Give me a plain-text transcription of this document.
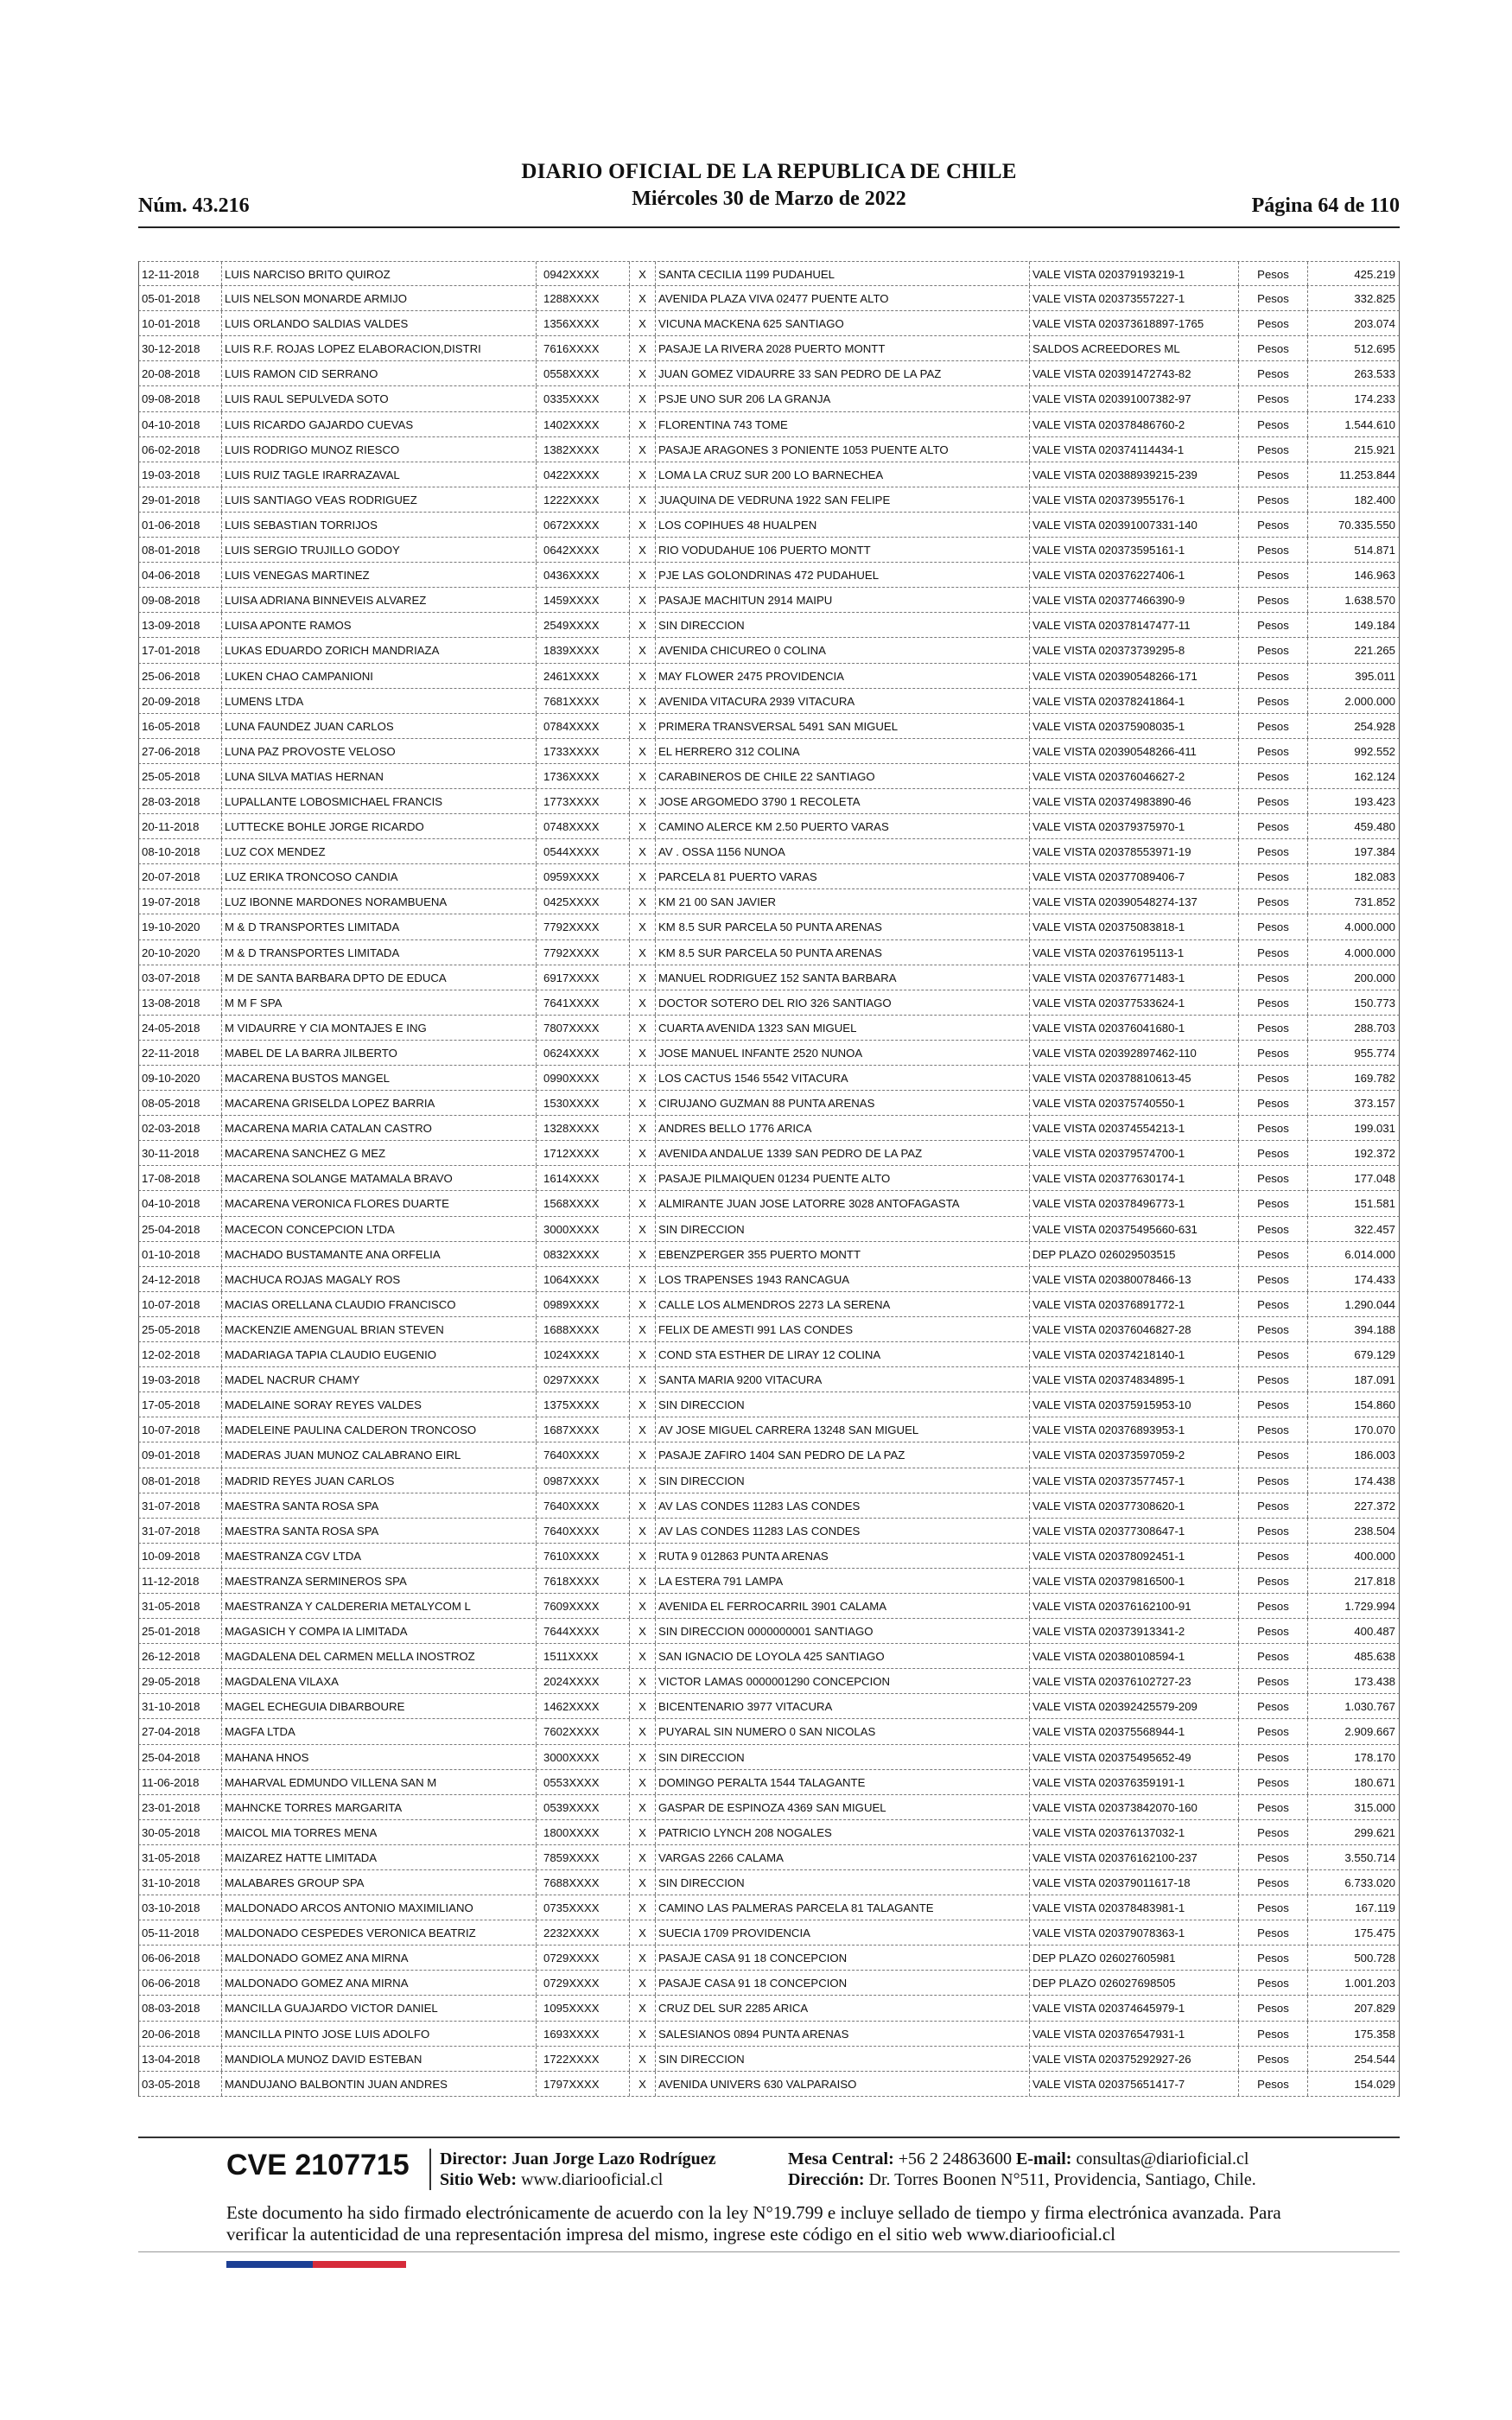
Núm. 43.216
DIARIO OFICIAL DE LA REPUBLICA DE CHILE
Miércoles 30 de Marzo de 2022	Página 64 de 110
12-11-2018	LUIS NARCISO BRITO QUIROZ	0942XXXX	X	SANTA CECILIA 1199 PUDAHUEL	VALE VISTA 020379193219-1	Pesos	425.219
05-01-2018	LUIS NELSON MONARDE ARMIJO	1288XXXX	X	AVENIDA PLAZA VIVA 02477 PUENTE ALTO	VALE VISTA 020373557227-1	Pesos	332.825
10-01-2018	LUIS ORLANDO SALDIAS VALDES	1356XXXX	X	VICUNA MACKENA 625 SANTIAGO	VALE VISTA 020373618897-1765	Pesos	203.074
30-12-2018	LUIS R.F. ROJAS LOPEZ ELABORACION,DISTRI	7616XXXX	X	PASAJE LA RIVERA 2028 PUERTO MONTT	SALDOS ACREEDORES ML	Pesos	512.695
20-08-2018	LUIS RAMON CID SERRANO	0558XXXX	X	JUAN GOMEZ VIDAURRE 33 SAN PEDRO DE LA PAZ	VALE VISTA 020391472743-82	Pesos	263.533
09-08-2018	LUIS RAUL SEPULVEDA SOTO	0335XXXX	X	PSJE UNO SUR 206 LA GRANJA	VALE VISTA 020391007382-97	Pesos	174.233
04-10-2018	LUIS RICARDO GAJARDO CUEVAS	1402XXXX	X	FLORENTINA 743 TOME	VALE VISTA 020378486760-2	Pesos	1.544.610
06-02-2018	LUIS RODRIGO MUNOZ RIESCO	1382XXXX	X	PASAJE ARAGONES 3 PONIENTE 1053 PUENTE ALTO	VALE VISTA 020374114434-1	Pesos	215.921
19-03-2018	LUIS RUIZ TAGLE IRARRAZAVAL	0422XXXX	X	LOMA LA CRUZ SUR 200 LO BARNECHEA	VALE VISTA 020388939215-239	Pesos	11.253.844
29-01-2018	LUIS SANTIAGO VEAS RODRIGUEZ	1222XXXX	X	JUAQUINA DE VEDRUNA 1922 SAN FELIPE	VALE VISTA 020373955176-1	Pesos	182.400
01-06-2018	LUIS SEBASTIAN TORRIJOS	0672XXXX	X	LOS COPIHUES 48 HUALPEN	VALE VISTA 020391007331-140	Pesos	70.335.550
08-01-2018	LUIS SERGIO TRUJILLO GODOY	0642XXXX	X	RIO VODUDAHUE 106 PUERTO MONTT	VALE VISTA 020373595161-1	Pesos	514.871
04-06-2018	LUIS VENEGAS MARTINEZ	0436XXXX	X	PJE LAS GOLONDRINAS 472 PUDAHUEL	VALE VISTA 020376227406-1	Pesos	146.963
09-08-2018	LUISA ADRIANA BINNEVEIS ALVAREZ	1459XXXX	X	PASAJE MACHITUN 2914 MAIPU	VALE VISTA 020377466390-9	Pesos	1.638.570
13-09-2018	LUISA APONTE RAMOS	2549XXXX	X	SIN DIRECCION	VALE VISTA 020378147477-11	Pesos	149.184
17-01-2018	LUKAS EDUARDO ZORICH MANDRIAZA	1839XXXX	X	AVENIDA CHICUREO 0 COLINA	VALE VISTA 020373739295-8	Pesos	221.265
25-06-2018	LUKEN CHAO CAMPANIONI	2461XXXX	X	MAY FLOWER 2475 PROVIDENCIA	VALE VISTA 020390548266-171	Pesos	395.011
20-09-2018	LUMENS LTDA	7681XXXX	X	AVENIDA VITACURA 2939 VITACURA	VALE VISTA 020378241864-1	Pesos	2.000.000
16-05-2018	LUNA FAUNDEZ JUAN CARLOS	0784XXXX	X	PRIMERA TRANSVERSAL 5491 SAN MIGUEL	VALE VISTA 020375908035-1	Pesos	254.928
27-06-2018	LUNA PAZ PROVOSTE VELOSO	1733XXXX	X	EL HERRERO 312 COLINA	VALE VISTA 020390548266-411	Pesos	992.552
25-05-2018	LUNA SILVA MATIAS HERNAN	1736XXXX	X	CARABINEROS DE CHILE 22 SANTIAGO	VALE VISTA 020376046627-2	Pesos	162.124
28-03-2018	LUPALLANTE LOBOSMICHAEL FRANCIS	1773XXXX	X	JOSE ARGOMEDO 3790 1 RECOLETA	VALE VISTA 020374983890-46	Pesos	193.423
20-11-2018	LUTTECKE BOHLE JORGE RICARDO	0748XXXX	X	CAMINO ALERCE KM 2.50 PUERTO VARAS	VALE VISTA 020379375970-1	Pesos	459.480
08-10-2018	LUZ COX MENDEZ	0544XXXX	X	AV . OSSA 1156 NUNOA	VALE VISTA 020378553971-19	Pesos	197.384
20-07-2018	LUZ ERIKA TRONCOSO CANDIA	0959XXXX	X	PARCELA 81 PUERTO VARAS	VALE VISTA 020377089406-7	Pesos	182.083
19-07-2018	LUZ IBONNE MARDONES NORAMBUENA	0425XXXX	X	KM 21 00 SAN JAVIER	VALE VISTA 020390548274-137	Pesos	731.852
19-10-2020	M & D TRANSPORTES LIMITADA	7792XXXX	X	KM 8.5 SUR PARCELA 50 PUNTA ARENAS	VALE VISTA 020375083818-1	Pesos	4.000.000
20-10-2020	M & D TRANSPORTES LIMITADA	7792XXXX	X	KM 8.5 SUR PARCELA 50 PUNTA ARENAS	VALE VISTA 020376195113-1	Pesos	4.000.000
03-07-2018	M DE SANTA BARBARA DPTO DE EDUCA	6917XXXX	X	MANUEL RODRIGUEZ 152 SANTA BARBARA	VALE VISTA 020376771483-1	Pesos	200.000
13-08-2018	M M F SPA	7641XXXX	X	DOCTOR SOTERO DEL RIO 326 SANTIAGO	VALE VISTA 020377533624-1	Pesos	150.773
24-05-2018	M VIDAURRE Y CIA MONTAJES E ING	7807XXXX	X	CUARTA AVENIDA 1323 SAN MIGUEL	VALE VISTA 020376041680-1	Pesos	288.703
22-11-2018	MABEL DE LA BARRA JILBERTO	0624XXXX	X	JOSE MANUEL INFANTE 2520 NUNOA	VALE VISTA 020392897462-110	Pesos	955.774
09-10-2020	MACARENA BUSTOS MANGEL	0990XXXX	X	LOS CACTUS 1546 5542 VITACURA	VALE VISTA 020378810613-45	Pesos	169.782
08-05-2018	MACARENA GRISELDA LOPEZ BARRIA	1530XXXX	X	CIRUJANO GUZMAN 88 PUNTA ARENAS	VALE VISTA 020375740550-1	Pesos	373.157
02-03-2018	MACARENA MARIA CATALAN CASTRO	1328XXXX	X	ANDRES BELLO 1776 ARICA	VALE VISTA 020374554213-1	Pesos	199.031
30-11-2018	MACARENA SANCHEZ G MEZ	1712XXXX	X	AVENIDA ANDALUE 1339 SAN PEDRO DE LA PAZ	VALE VISTA 020379574700-1	Pesos	192.372
17-08-2018	MACARENA SOLANGE MATAMALA BRAVO	1614XXXX	X	PASAJE PILMAIQUEN 01234 PUENTE ALTO	VALE VISTA 020377630174-1	Pesos	177.048
04-10-2018	MACARENA VERONICA FLORES DUARTE	1568XXXX	X	ALMIRANTE JUAN JOSE LATORRE 3028 ANTOFAGASTA	VALE VISTA 020378496773-1	Pesos	151.581
25-04-2018	MACECON CONCEPCION LTDA	3000XXXX	X	SIN DIRECCION	VALE VISTA 020375495660-631	Pesos	322.457
01-10-2018	MACHADO BUSTAMANTE ANA ORFELIA	0832XXXX	X	EBENZPERGER 355 PUERTO MONTT	DEP PLAZO 026029503515	Pesos	6.014.000
24-12-2018	MACHUCA ROJAS MAGALY ROS	1064XXXX	X	LOS TRAPENSES 1943 RANCAGUA	VALE VISTA 020380078466-13	Pesos	174.433
10-07-2018	MACIAS ORELLANA CLAUDIO FRANCISCO	0989XXXX	X	CALLE LOS ALMENDROS 2273 LA SERENA	VALE VISTA 020376891772-1	Pesos	1.290.044
25-05-2018	MACKENZIE AMENGUAL BRIAN STEVEN	1688XXXX	X	FELIX DE AMESTI 991 LAS CONDES	VALE VISTA 020376046827-28	Pesos	394.188
12-02-2018	MADARIAGA TAPIA CLAUDIO EUGENIO	1024XXXX	X	COND STA ESTHER DE LIRAY 12 COLINA	VALE VISTA 020374218140-1	Pesos	679.129
19-03-2018	MADEL NACRUR CHAMY	0297XXXX	X	SANTA MARIA 9200 VITACURA	VALE VISTA 020374834895-1	Pesos	187.091
17-05-2018	MADELAINE SORAY REYES VALDES	1375XXXX	X	SIN DIRECCION	VALE VISTA 020375915953-10	Pesos	154.860
10-07-2018	MADELEINE PAULINA CALDERON TRONCOSO	1687XXXX	X	AV JOSE MIGUEL CARRERA 13248 SAN MIGUEL	VALE VISTA 020376893953-1	Pesos	170.070
09-01-2018	MADERAS JUAN MUNOZ CALABRANO EIRL	7640XXXX	X	PASAJE ZAFIRO 1404 SAN PEDRO DE LA PAZ	VALE VISTA 020373597059-2	Pesos	186.003
08-01-2018	MADRID REYES JUAN CARLOS	0987XXXX	X	SIN DIRECCION	VALE VISTA 020373577457-1	Pesos	174.438
31-07-2018	MAESTRA SANTA ROSA SPA	7640XXXX	X	AV LAS CONDES 11283 LAS CONDES	VALE VISTA 020377308620-1	Pesos	227.372
31-07-2018	MAESTRA SANTA ROSA SPA	7640XXXX	X	AV LAS CONDES 11283 LAS CONDES	VALE VISTA 020377308647-1	Pesos	238.504
10-09-2018	MAESTRANZA CGV LTDA	7610XXXX	X	RUTA 9 012863 PUNTA ARENAS	VALE VISTA 020378092451-1	Pesos	400.000
11-12-2018	MAESTRANZA SERMINEROS SPA	7618XXXX	X	LA ESTERA 791 LAMPA	VALE VISTA 020379816500-1	Pesos	217.818
31-05-2018	MAESTRANZA Y CALDERERIA METALYCOM L	7609XXXX	X	AVENIDA EL FERROCARRIL 3901 CALAMA	VALE VISTA 020376162100-91	Pesos	1.729.994
25-01-2018	MAGASICH Y COMPA IA LIMITADA	7644XXXX	X	SIN DIRECCION 0000000001 SANTIAGO	VALE VISTA 020373913341-2	Pesos	400.487
26-12-2018	MAGDALENA DEL CARMEN MELLA INOSTROZ	1511XXXX	X	SAN IGNACIO DE LOYOLA 425 SANTIAGO	VALE VISTA 020380108594-1	Pesos	485.638
29-05-2018	MAGDALENA VILAXA	2024XXXX	X	VICTOR LAMAS 0000001290 CONCEPCION	VALE VISTA 020376102727-23	Pesos	173.438
31-10-2018	MAGEL ECHEGUIA DIBARBOURE	1462XXXX	X	BICENTENARIO 3977 VITACURA	VALE VISTA 020392425579-209	Pesos	1.030.767
27-04-2018	MAGFA LTDA	7602XXXX	X	PUYARAL SIN NUMERO 0 SAN NICOLAS	VALE VISTA 020375568944-1	Pesos	2.909.667
25-04-2018	MAHANA HNOS	3000XXXX	X	SIN DIRECCION	VALE VISTA 020375495652-49	Pesos	178.170
11-06-2018	MAHARVAL EDMUNDO VILLENA SAN M	0553XXXX	X	DOMINGO PERALTA 1544 TALAGANTE	VALE VISTA 020376359191-1	Pesos	180.671
23-01-2018	MAHNCKE TORRES MARGARITA	0539XXXX	X	GASPAR DE ESPINOZA 4369 SAN MIGUEL	VALE VISTA 020373842070-160	Pesos	315.000
30-05-2018	MAICOL MIA TORRES MENA	1800XXXX	X	PATRICIO LYNCH 208 NOGALES	VALE VISTA 020376137032-1	Pesos	299.621
31-05-2018	MAIZAREZ HATTE LIMITADA	7859XXXX	X	VARGAS 2266 CALAMA	VALE VISTA 020376162100-237	Pesos	3.550.714
31-10-2018	MALABARES GROUP SPA	7688XXXX	X	SIN DIRECCION	VALE VISTA 020379011617-18	Pesos	6.733.020
03-10-2018	MALDONADO ARCOS ANTONIO MAXIMILIANO	0735XXXX	X	CAMINO LAS PALMERAS PARCELA 81 TALAGANTE	VALE VISTA 020378483981-1	Pesos	167.119
05-11-2018	MALDONADO CESPEDES VERONICA BEATRIZ	2232XXXX	X	SUECIA 1709 PROVIDENCIA	VALE VISTA 020379078363-1	Pesos	175.475
06-06-2018	MALDONADO GOMEZ ANA MIRNA	0729XXXX	X	PASAJE CASA 91 18 CONCEPCION	DEP PLAZO 026027605981	Pesos	500.728
06-06-2018	MALDONADO GOMEZ ANA MIRNA	0729XXXX	X	PASAJE CASA 91 18 CONCEPCION	DEP PLAZO 026027698505	Pesos	1.001.203
08-03-2018	MANCILLA GUAJARDO VICTOR DANIEL	1095XXXX	X	CRUZ DEL SUR 2285 ARICA	VALE VISTA 020374645979-1	Pesos	207.829
20-06-2018	MANCILLA PINTO JOSE LUIS ADOLFO	1693XXXX	X	SALESIANOS 0894 PUNTA ARENAS	VALE VISTA 020376547931-1	Pesos	175.358
13-04-2018	MANDIOLA MUNOZ DAVID ESTEBAN	1722XXXX	X	SIN DIRECCION	VALE VISTA 020375292927-26	Pesos	254.544
03-05-2018	MANDUJANO BALBONTIN JUAN ANDRES	1797XXXX	X	AVENIDA UNIVERS 630 VALPARAISO	VALE VISTA 020375651417-7	Pesos	154.029
CVE 2107715 Director: Juan Jorge Lazo Rodríguez
Sitio Web: www.diariooficial.cl
Mesa Central: +56 2 24863600 E-mail: consultas@diarioficial.cl
Dirección: Dr. Torres Boonen N°511, Providencia, Santiago, Chile.
Este documento ha sido firmado electrónicamente de acuerdo con la ley N°19.799 e incluye sellado de tiempo y firma electrónica avanzada. Para verificar la autenticidad de una representación impresa del mismo, ingrese este código en el sitio web www.diariooficial.cl
